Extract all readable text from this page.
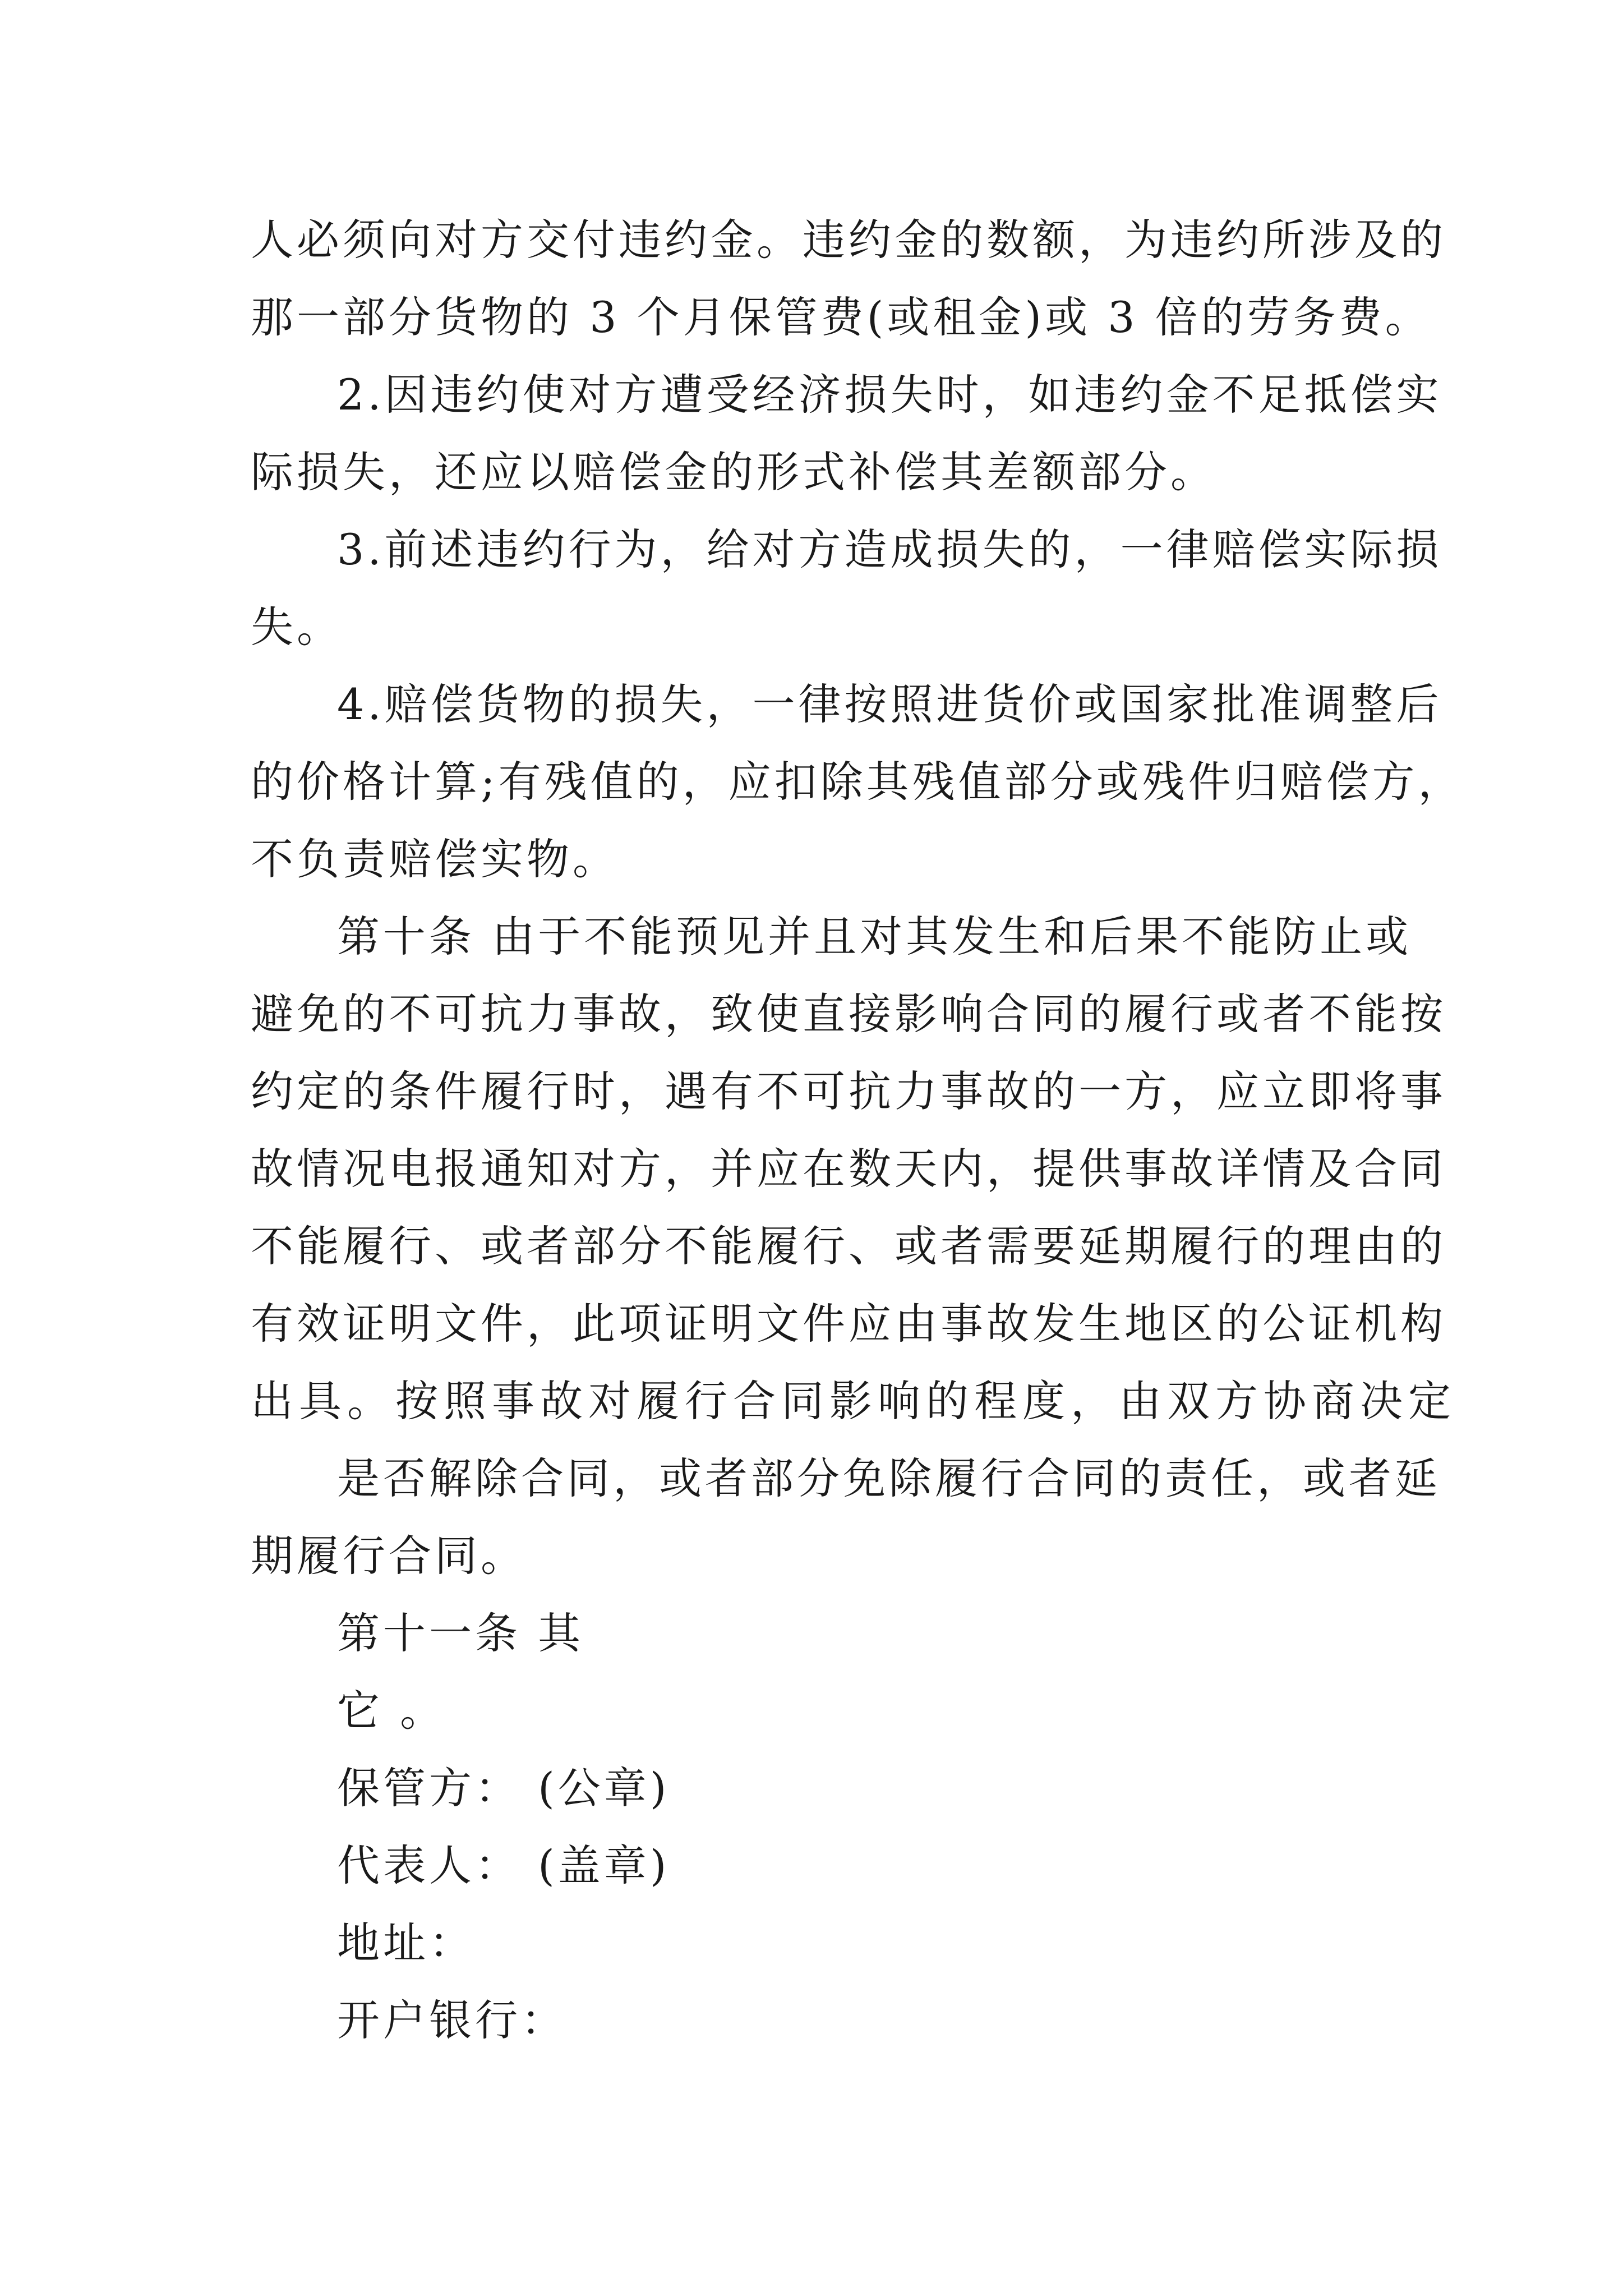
人必须向对方交付违约金。违约金的数额，为违约所涉及的
那一部分货物的 3 个月保管费(或租金)或 3 倍的劳务费。
2.因违约使对方遭受经济损失时，如违约金不足抵偿实
际损失，还应以赔偿金的形式补偿其差额部分。
3.前述违约行为，给对方造成损失的，一律赔偿实际损
失。
4.赔偿货物的损失，一律按照进货价或国家批准调整后
的价格计算;有残值的，应扣除其残值部分或残件归赔偿方，
不负责赔偿实物。
第十条 由于不能预见并且对其发生和后果不能防止或
避免的不可抗力事故，致使直接影响合同的履行或者不能按
约定的条件履行时，遇有不可抗力事故的一方，应立即将事
故情况电报通知对方，并应在数天内，提供事故详情及合同
不能履行、或者部分不能履行、或者需要延期履行的理由的
有效证明文件，此项证明文件应由事故发生地区的公证机构
出具。按照事故对履行合同影响的程度，由双方协商决定
是否解除合同，或者部分免除履行合同的责任，或者延
期履行合同。
第十一条 其
它 。
保管方： (公章)
代表人： (盖章)
地址：
开户银行：
